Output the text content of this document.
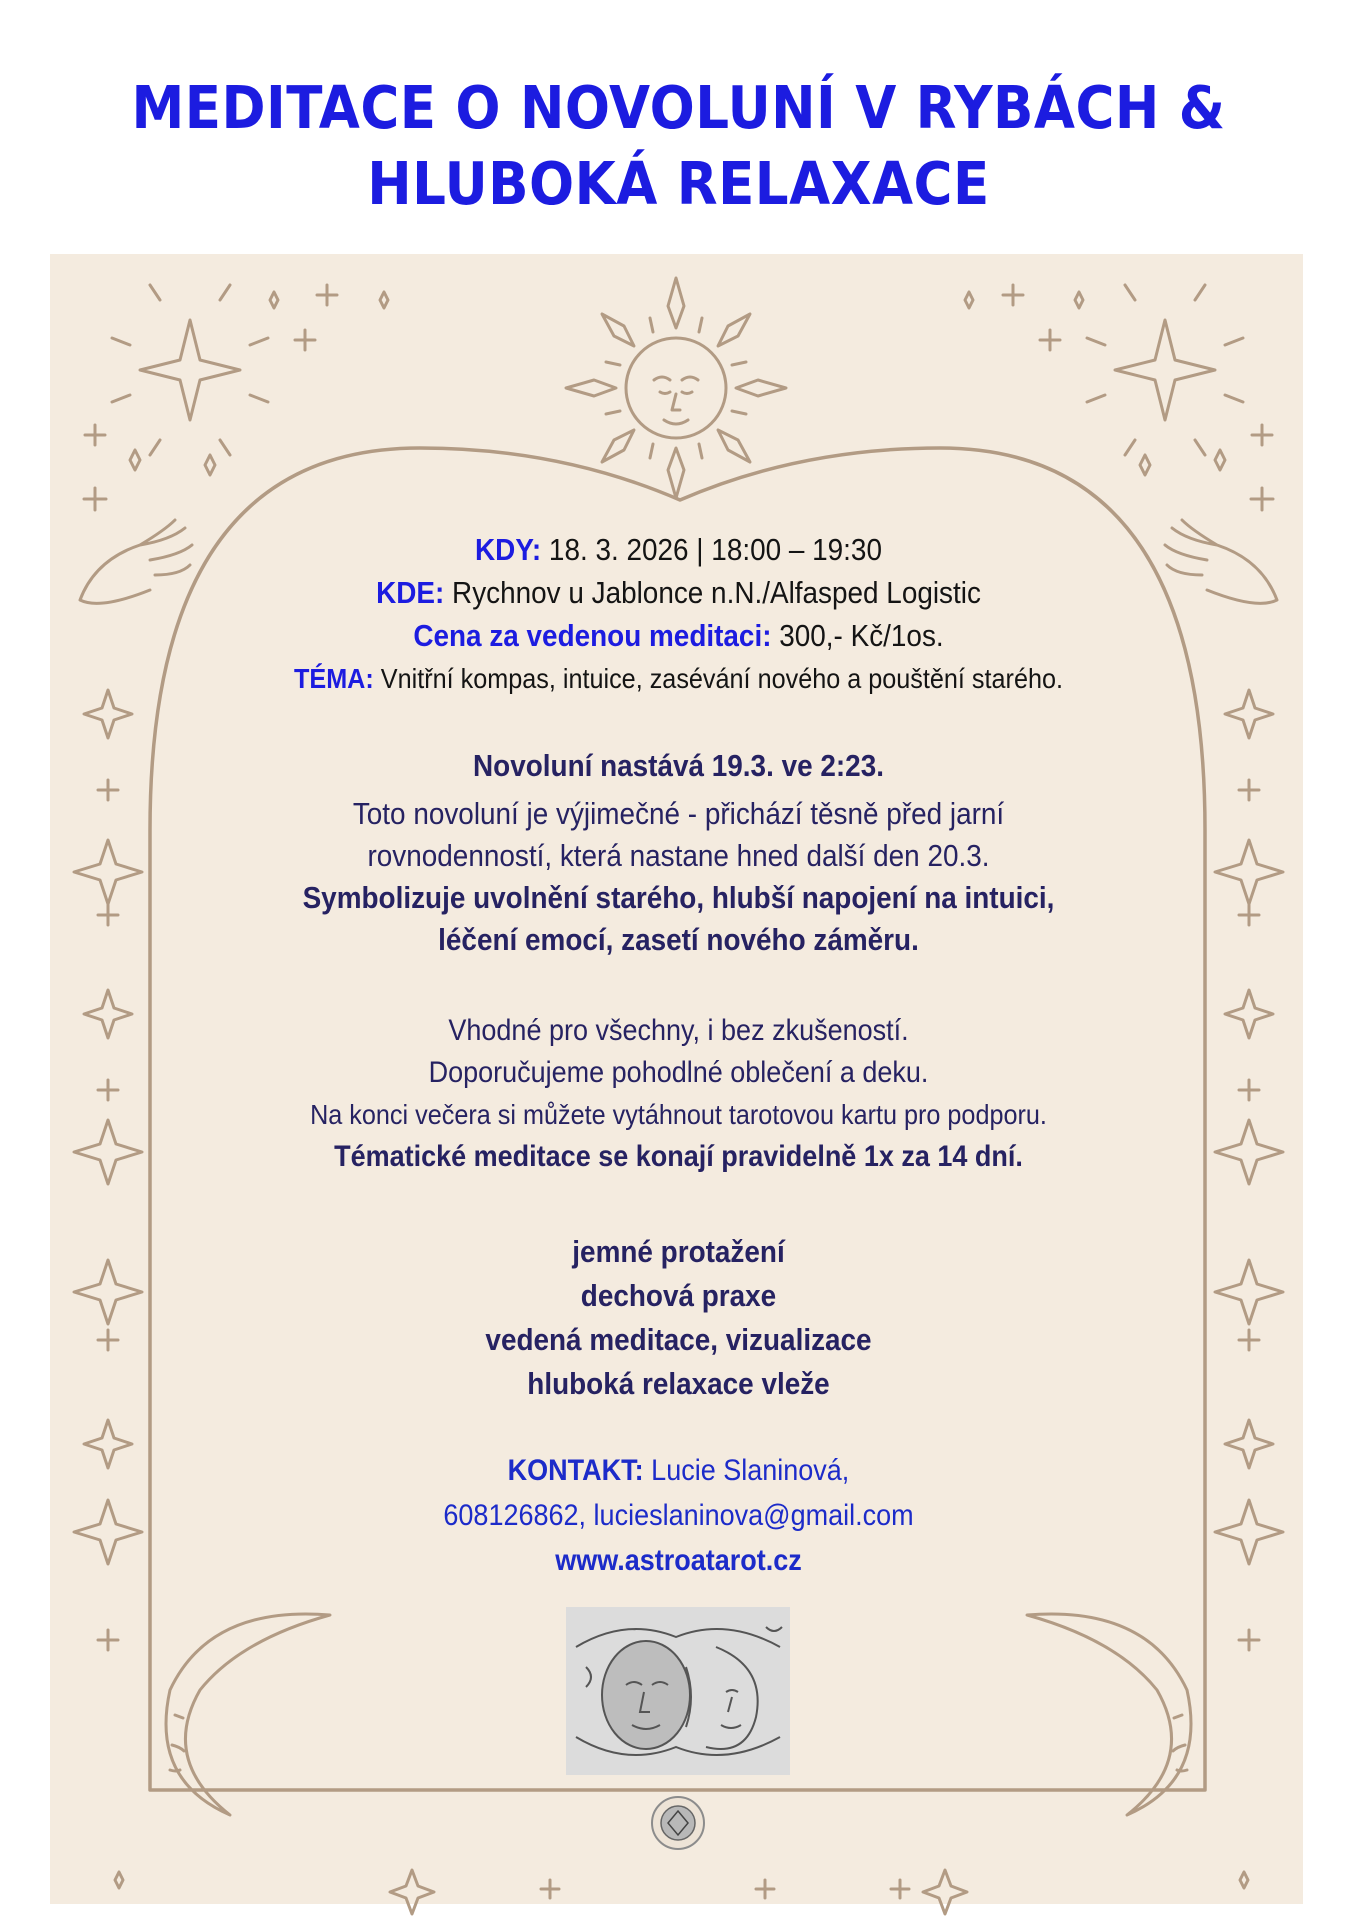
MEDITACE O NOVOLUNÍ V RYBÁCH &
HLUBOKÁ RELAXACE
KDY: 18. 3. 2026 | 18:00 – 19:30
KDE: Rychnov u Jablonce n.N./Alfasped Logistic
Cena za vedenou meditaci: 300,- Kč/1os.
TÉMA: Vnitřní kompas, intuice, zasévání nového a pouštění starého.
Novoluní nastává 19.3. ve 2:23.
Toto novoluní je výjimečné - přichází těsně před jarní
rovnodenností, která nastane hned další den 20.3.
Symbolizuje uvolnění starého, hlubší napojení na intuici,
léčení emocí, zasetí nového záměru.
Vhodné pro všechny, i bez zkušeností.
Doporučujeme pohodlné oblečení a deku.
Na konci večera si můžete vytáhnout tarotovou kartu pro podporu.
Tématické meditace se konají pravidelně 1x za 14 dní.
jemné protažení
dechová praxe
vedená meditace, vizualizace
hluboká relaxace vleže
KONTAKT: Lucie Slaninová,
608126862, lucieslaninova@gmail.com
www.astroatarot.cz
